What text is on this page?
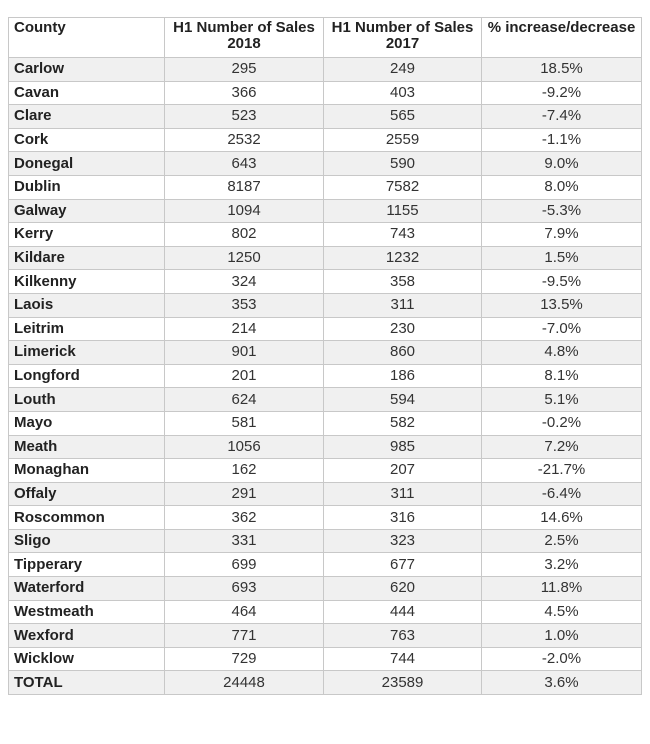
County	H1 Number of Sales 2018	H1 Number of Sales 2017	% increase/decrease
Carlow	295	249	18.5%
Cavan	366	403	-9.2%
Clare	523	565	-7.4%
Cork	2532	2559	-1.1%
Donegal	643	590	9.0%
Dublin	8187	7582	8.0%
Galway	1094	1155	-5.3%
Kerry	802	743	7.9%
Kildare	1250	1232	1.5%
Kilkenny	324	358	-9.5%
Laois	353	311	13.5%
Leitrim	214	230	-7.0%
Limerick	901	860	4.8%
Longford	201	186	8.1%
Louth	624	594	5.1%
Mayo	581	582	-0.2%
Meath	1056	985	7.2%
Monaghan	162	207	-21.7%
Offaly	291	311	-6.4%
Roscommon	362	316	14.6%
Sligo	331	323	2.5%
Tipperary	699	677	3.2%
Waterford	693	620	11.8%
Westmeath	464	444	4.5%
Wexford	771	763	1.0%
Wicklow	729	744	-2.0%
TOTAL	24448	23589	3.6%
